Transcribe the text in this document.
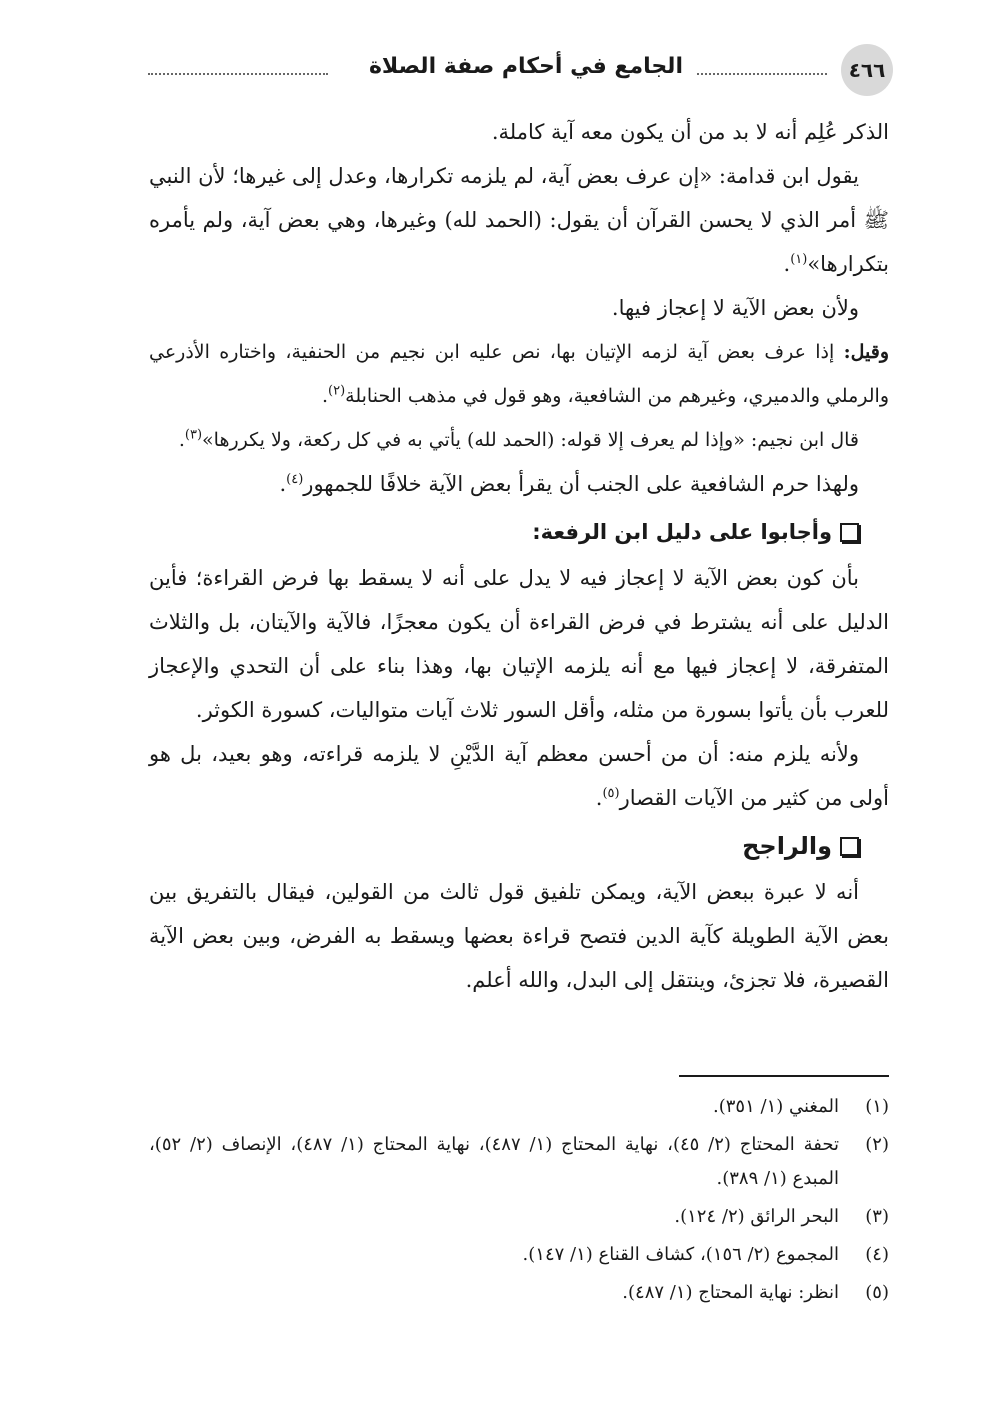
٤٦٦
الجامع في أحكام صفة الصلاة

الذكر عُلِم أنه لا بد من أن يكون معه آية كاملة.

يقول ابن قدامة: «إن عرف بعض آية، لم يلزمه تكرارها، وعدل إلى غيرها؛ لأن النبي ﷺ أمر الذي لا يحسن القرآن أن يقول: (الحمد لله) وغيرها، وهي بعض آية، ولم يأمره بتكرارها»$^{(١)}$.

ولأن بعض الآية لا إعجاز فيها.

وقيل: إذا عرف بعض آية لزمه الإتيان بها، نص عليه ابن نجيم من الحنفية، واختاره الأذرعي والرملي والدميري، وغيرهم من الشافعية، وهو قول في مذهب الحنابلة$^{(٢)}$.

قال ابن نجيم: «وإذا لم يعرف إلا قوله: (الحمد لله) يأتي به في كل ركعة، ولا يكررها»$^{(٣)}$.

ولهذا حرم الشافعية على الجنب أن يقرأ بعض الآية خلافًا للجمهور$^{(٤)}$.

وأجابوا على دليل ابن الرفعة:

بأن كون بعض الآية لا إعجاز فيه لا يدل على أنه لا يسقط بها فرض القراءة؛ فأين الدليل على أنه يشترط في فرض القراءة أن يكون معجزًا، فالآية والآيتان، بل والثلاث المتفرقة، لا إعجاز فيها مع أنه يلزمه الإتيان بها، وهذا بناء على أن التحدي والإعجاز للعرب بأن يأتوا بسورة من مثله، وأقل السور ثلاث آيات متواليات، كسورة الكوثر.

ولأنه يلزم منه: أن من أحسن معظم آية الدَّيْنِ لا يلزمه قراءته، وهو بعيد، بل هو أولى من كثير من الآيات القصار$^{(٥)}$.

والراجح

أنه لا عبرة ببعض الآية، ويمكن تلفيق قول ثالث من القولين، فيقال بالتفريق بين بعض الآية الطويلة كآية الدين فتصح قراءة بعضها ويسقط به الفرض، وبين بعض الآية القصيرة، فلا تجزئ، وينتقل إلى البدل، والله أعلم.

(١)
المغني (١/ ٣٥١).
(٢)
تحفة المحتاج (٢/ ٤٥)، نهاية المحتاج (١/ ٤٨٧)، نهاية المحتاج (١/ ٤٨٧)، الإنصاف (٢/ ٥٢)، المبدع (١/ ٣٨٩).
(٣)
البحر الرائق (٢/ ١٢٤).
(٤)
المجموع (٢/ ١٥٦)، كشاف القناع (١/ ١٤٧).
(٥)
انظر: نهاية المحتاج (١/ ٤٨٧).
